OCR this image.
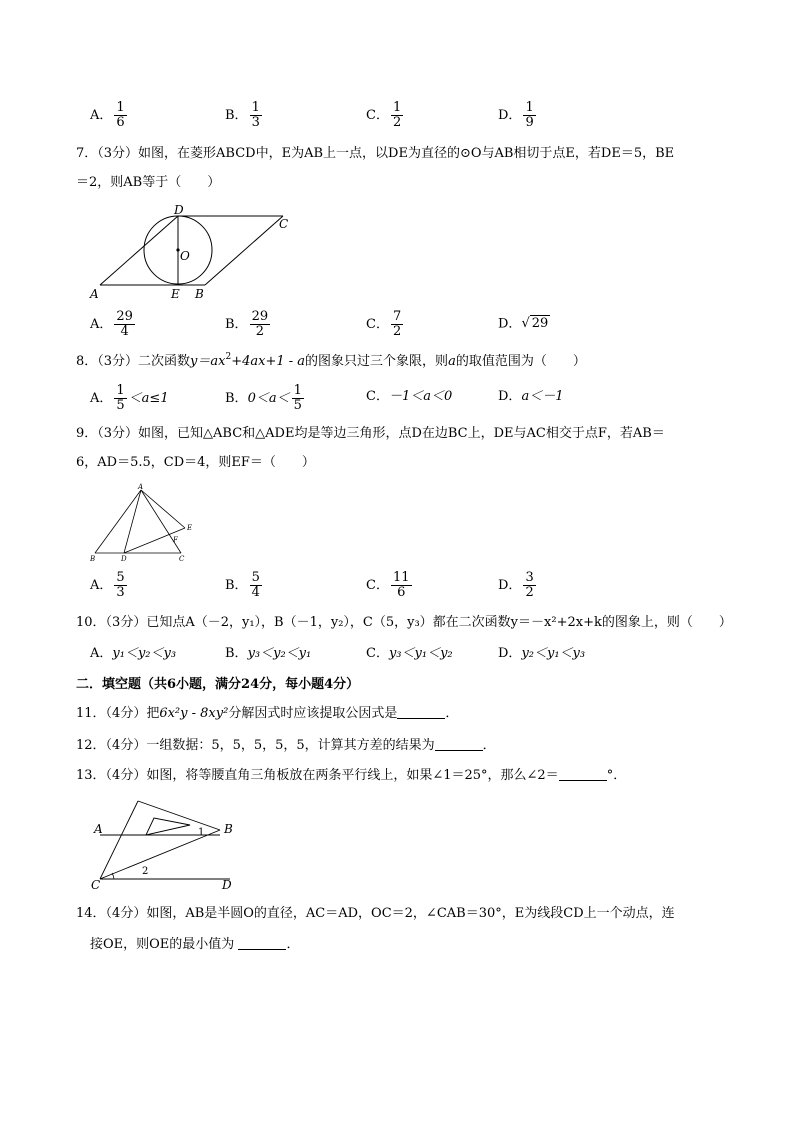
A． $\frac{1}{6}$	B． $\frac{1}{3}$	C． $\frac{1}{2}$	D． $\frac{1}{9}$
7．（3分）如图，在菱形ABCD中，E为AB上一点，以DE为直径的⊙O与AB相切于点E，若DE＝5，BE
＝2，则AB等于（　　）
D
C
O
A	E B
A． $\frac{29}{4}$	B． $\frac{29}{2}$	C． $\frac{7}{2}$	D．√ 29
8．（3分）二次函数$y=ax^2+4ax+1 - a$的图象只过三个象限，则a的取值范围为（　　）
A． $\frac{1}{5} <a\le 1$	B．$0<a< \frac{1}{5}$	C．－1＜a＜0	D．a＜－1
9．（3分）如图，已知△ABC和△ADE均是等边三角形，点D在边BC上，DE与AC相交于点F，若AB＝
6，AD＝5.5，CD＝4，则EF＝（　　）
A
B	D	C
E
F
A． $\frac{5}{3}$	B． $\frac{5}{4}$	C． $\frac{11}{6}$	D． $\frac{3}{2}$
10．（3分）已知点A（－2，y₁），B（－1，y₂），C（5，y₃）都在二次函数y＝－x²+2x+k的图象上，则（　　）
A．y₁＜y₂＜y₃	B．y₃＜y₂＜y₁	C．y₃＜y₁＜y₂	D．y₂＜y₁＜y₃
二．填空题（共6小题，满分24分，每小题4分）
11．（4分）把6x²y - 8xy²分解因式时应该提取公因式是	．
12．（4分）一组数据：5，5，5，5，5，计算其方差的结果为	．
13．（4分）如图，将等腰直角三角板放在两条平行线上，如果∠1＝25°，那么∠2＝	°．
A	B
C	D
1
2
14．（4分）如图，AB是半圆O的直径，AC＝AD，OC＝2，∠CAB＝30°，E为线段CD上一个动点，连
接OE，则OE的最小值为	．
